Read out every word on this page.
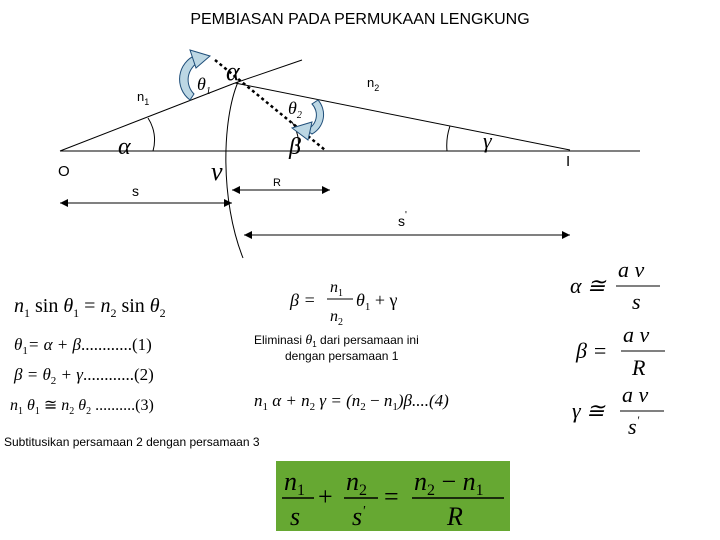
PEMBIASAN PADA PERMUKAAN LENGKUNG
$n_1$
$n_2$
O
I
s	R
s'
α
$\theta_1$
$\theta_2$
α	β	γ
ν
$n_1$ $\sin \theta_1 = n_2$ $\sin \theta_2$
$\theta_1= \alpha + \beta............(1)$
$\beta = \theta_2 + \gamma............(2)$
$n_1$ $\theta_1$ ≅ $n_2$ $\theta_2$ ..........(3)
β =
$n_1$
$n_2$
$\theta_1 + \gamma$
Eliminasi $\theta_1$ dari persamaan ini
dengan persamaan 1
$n_1$ $\alpha + n_2$ $\gamma = (n_2 - n_1)\beta....(4)$
α ≅
a ν
s
β =
a ν
R
γ ≅
a ν
s'
Subtitusikan persamaan 2 dengan persamaan 3
n1
s
+
n2
s'
=
n2 − n1
R
